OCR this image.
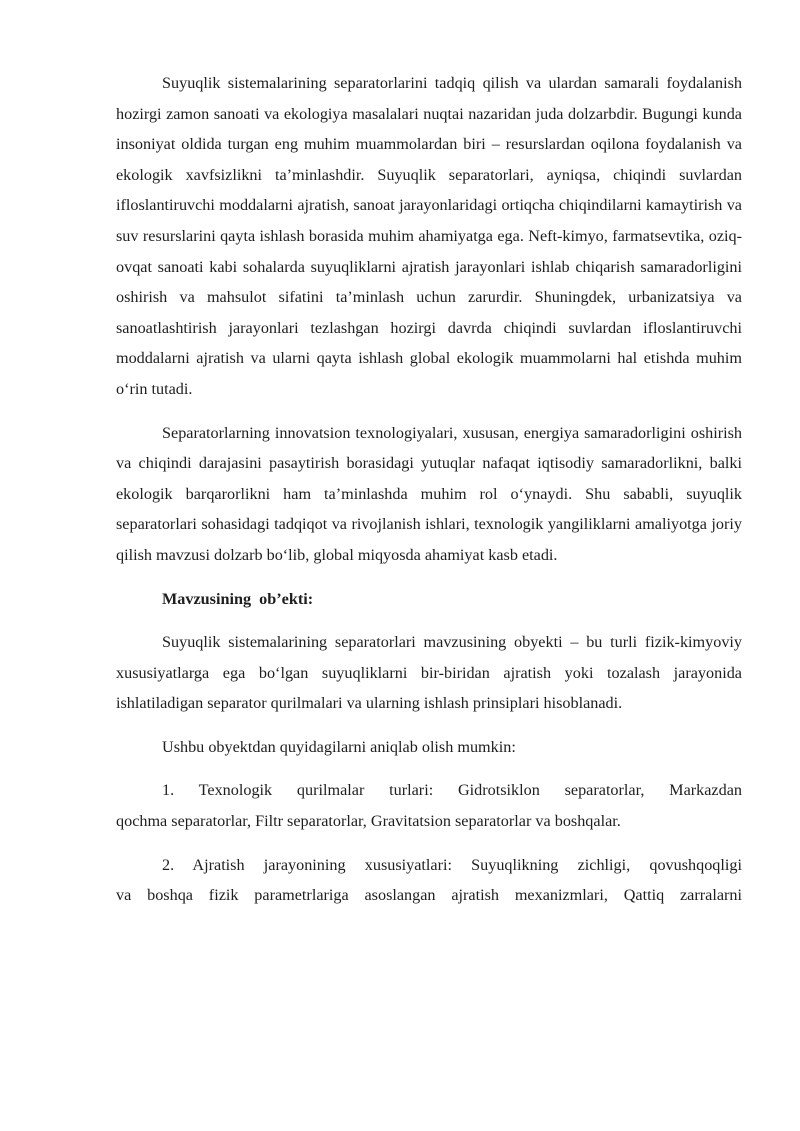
Suyuqlik sistemalarining separatorlarini tadqiq qilish va ulardan samarali foydalanish hozirgi zamon sanoati va ekologiya masalalari nuqtai nazaridan juda dolzarbdir. Bugungi kunda insoniyat oldida turgan eng muhim muammolardan biri – resurslardan oqilona foydalanish va ekologik xavfsizlikni ta’minlashdir. Suyuqlik separatorlari, ayniqsa, chiqindi suvlardan ifloslantiruvchi moddalarni ajratish, sanoat jarayonlaridagi ortiqcha chiqindilarni kamaytirish va suv resurslarini qayta ishlash borasida muhim ahamiyatga ega. Neft-kimyo, farmatsevtika, oziq-ovqat sanoati kabi sohalarda suyuqliklarni ajratish jarayonlari ishlab chiqarish samaradorligini oshirish va mahsulot sifatini ta’minlash uchun zarurdir. Shuningdek, urbanizatsiya va sanoatlashtirish jarayonlari tezlashgan hozirgi davrda chiqindi suvlardan ifloslantiruvchi moddalarni ajratish va ularni qayta ishlash global ekologik muammolarni hal etishda muhim o‘rin tutadi.

Separatorlarning innovatsion texnologiyalari, xususan, energiya samaradorligini oshirish va chiqindi darajasini pasaytirish borasidagi yutuqlar nafaqat iqtisodiy samaradorlikni, balki ekologik barqarorlikni ham ta’minlashda muhim rol o‘ynaydi. Shu sababli, suyuqlik separatorlari sohasidagi tadqiqot va rivojlanish ishlari, texnologik yangiliklarni amaliyotga joriy qilish mavzusi dolzarb bo‘lib, global miqyosda ahamiyat kasb etadi.

Mavzusining  ob’ekti:

Suyuqlik sistemalarining separatorlari mavzusining obyekti – bu turli fizik-kimyoviy xususiyatlarga ega bo‘lgan suyuqliklarni bir-biridan ajratish yoki tozalash jarayonida ishlatiladigan separator qurilmalari va ularning ishlash prinsiplari hisoblanadi.

Ushbu obyektdan quyidagilarni aniqlab olish mumkin:

1. Texnologik qurilmalar turlari: Gidrotsiklon separatorlar, Markazdan
qochma separatorlar, Filtr separatorlar, Gravitatsion separatorlar va boshqalar.

2. Ajratish jarayonining xususiyatlari: Suyuqlikning zichligi, qovushqoqligi
va boshqa fizik parametrlariga asoslangan ajratish mexanizmlari, Qattiq zarralarni
